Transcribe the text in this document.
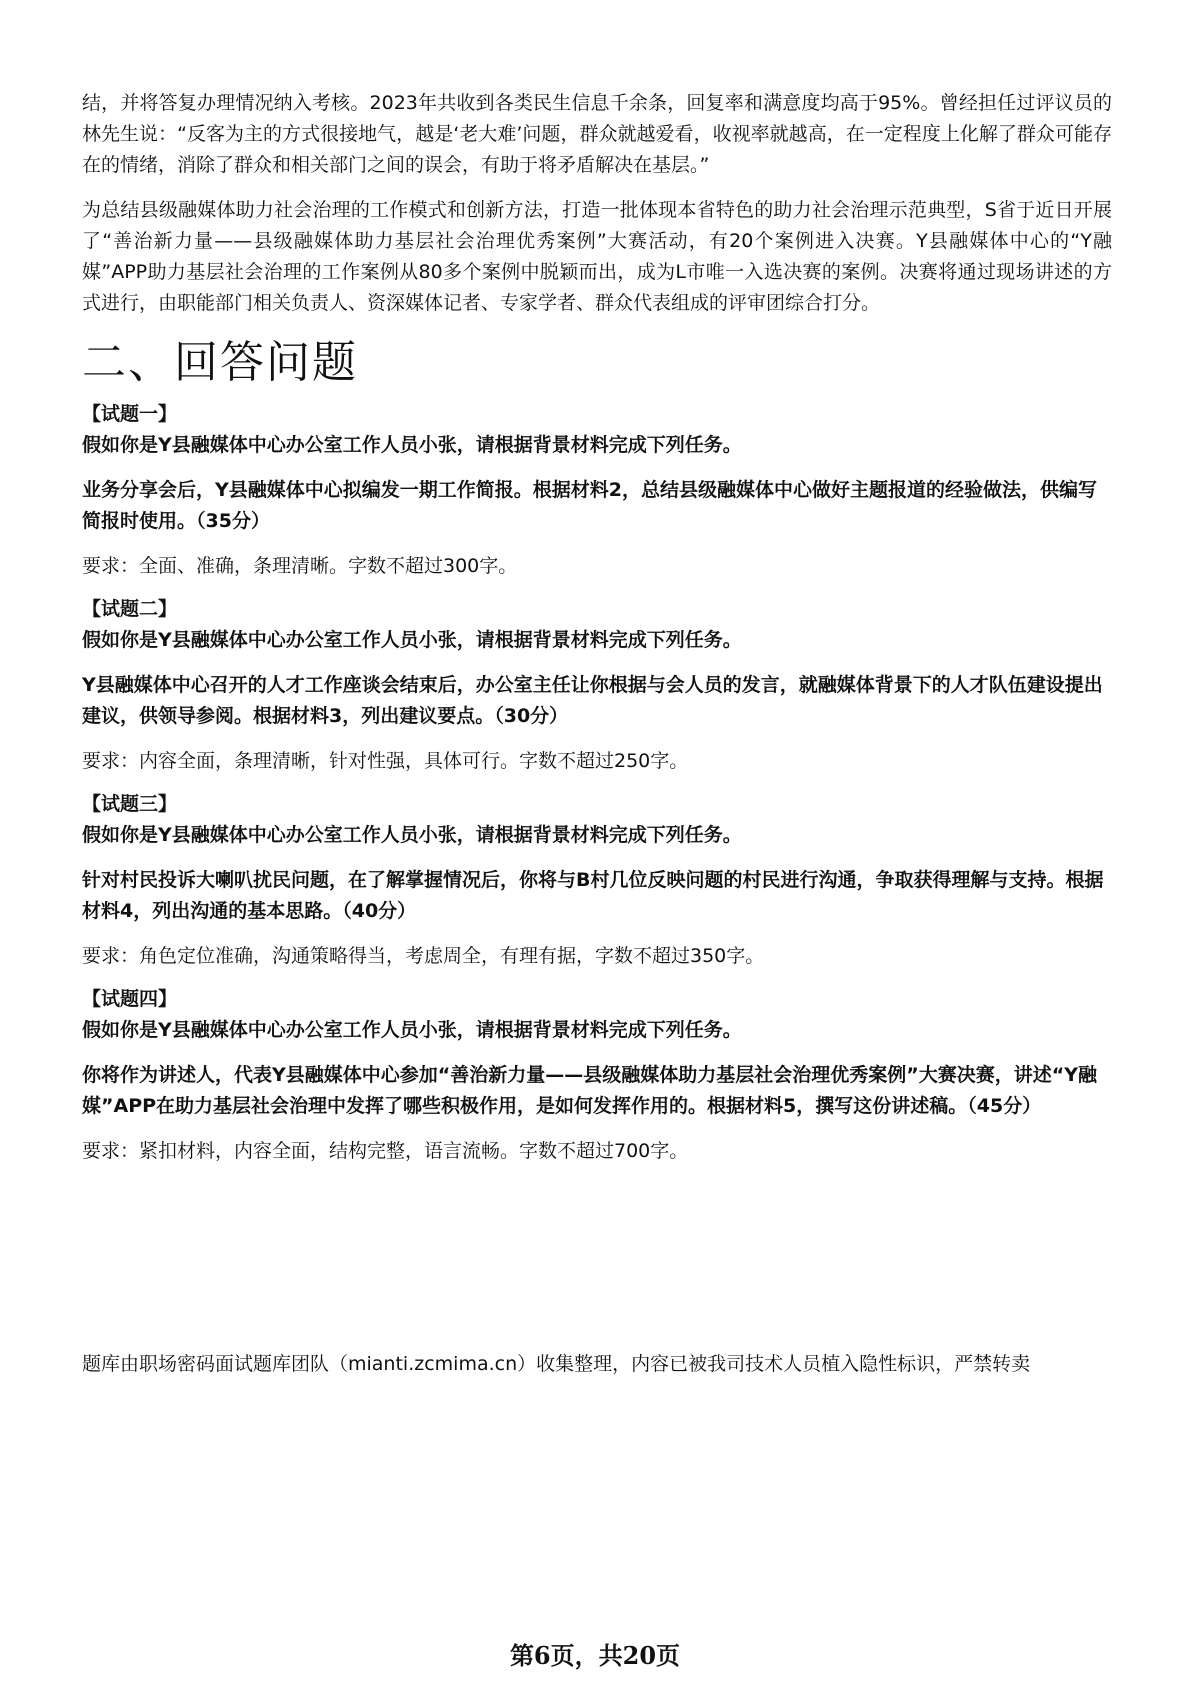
结，并将答复办理情况纳入考核。2023年共收到各类民生信息千余条，回复率和满意度均高于95%。曾经担任过评议员的林先生说：“反客为主的方式很接地气，越是‘老大难’问题，群众就越爱看，收视率就越高，在一定程度上化解了群众可能存在的情绪，消除了群众和相关部门之间的误会，有助于将矛盾解决在基层。”

为总结县级融媒体助力社会治理的工作模式和创新方法，打造一批体现本省特色的助力社会治理示范典型，S省于近日开展了“善治新力量——县级融媒体助力基层社会治理优秀案例”大赛活动，有20个案例进入决赛。Y县融媒体中心的“Y融媒”APP助力基层社会治理的工作案例从80多个案例中脱颖而出，成为L市唯一入选决赛的案例。决赛将通过现场讲述的方式进行，由职能部门相关负责人、资深媒体记者、专家学者、群众代表组成的评审团综合打分。

二、回答问题

【试题一】

假如你是Y县融媒体中心办公室工作人员小张，请根据背景材料完成下列任务。

业务分享会后，Y县融媒体中心拟编发一期工作简报。根据材料2，总结县级融媒体中心做好主题报道的经验做法，供编写简报时使用。（35分）

要求：全面、准确，条理清晰。字数不超过300字。

【试题二】

假如你是Y县融媒体中心办公室工作人员小张，请根据背景材料完成下列任务。

Y县融媒体中心召开的人才工作座谈会结束后，办公室主任让你根据与会人员的发言，就融媒体背景下的人才队伍建设提出建议，供领导参阅。根据材料3，列出建议要点。（30分）

要求：内容全面，条理清晰，针对性强，具体可行。字数不超过250字。

【试题三】

假如你是Y县融媒体中心办公室工作人员小张，请根据背景材料完成下列任务。

针对村民投诉大喇叭扰民问题，在了解掌握情况后，你将与B村几位反映问题的村民进行沟通，争取获得理解与支持。根据材料4，列出沟通的基本思路。（40分）

要求：角色定位准确，沟通策略得当，考虑周全，有理有据，字数不超过350字。

【试题四】

假如你是Y县融媒体中心办公室工作人员小张，请根据背景材料完成下列任务。

你将作为讲述人，代表Y县融媒体中心参加“善治新力量——县级融媒体助力基层社会治理优秀案例”大赛决赛，讲述“Y融媒”APP在助力基层社会治理中发挥了哪些积极作用，是如何发挥作用的。根据材料5，撰写这份讲述稿。（45分）

要求：紧扣材料，内容全面，结构完整，语言流畅。字数不超过700字。

题库由职场密码面试题库团队（mianti.zcmima.cn）收集整理，内容已被我司技术人员植入隐性标识，严禁转卖

第6页，共20页
